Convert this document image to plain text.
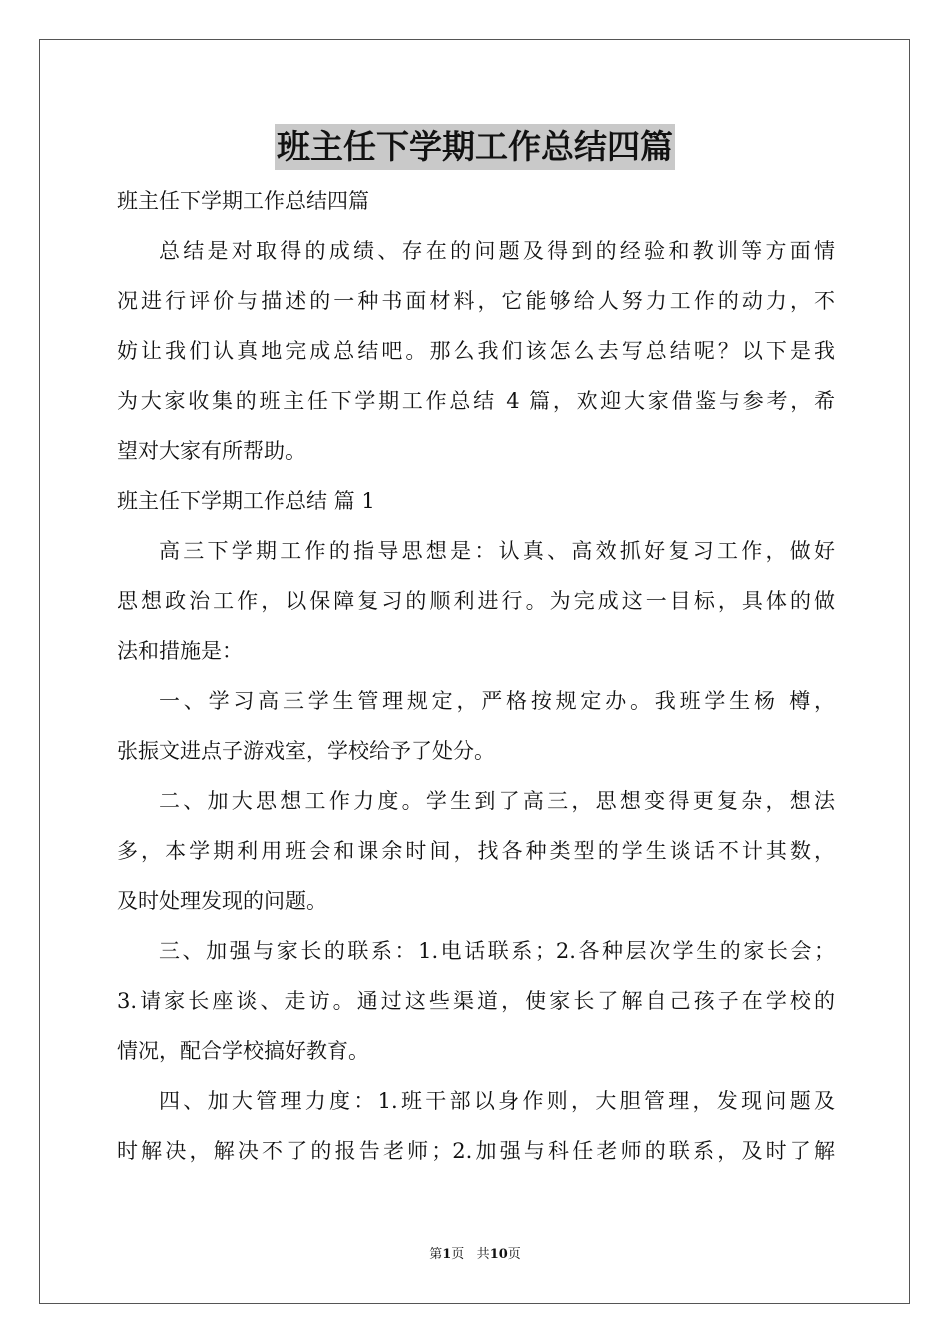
班主任下学期工作总结四篇
班主任下学期工作总结四篇
总结是对取得的成绩、存在的问题及得到的经验和教训等方面情
况进行评价与描述的一种书面材料，它能够给人努力工作的动力，不
妨让我们认真地完成总结吧。那么我们该怎么去写总结呢？以下是我
为大家收集的班主任下学期工作总结 4 篇，欢迎大家借鉴与参考，希
望对大家有所帮助。
班主任下学期工作总结 篇 1
高三下学期工作的指导思想是：认真、高效抓好复习工作，做好
思想政治工作，以保障复习的顺利进行。为完成这一目标，具体的做
法和措施是：
一、学习高三学生管理规定，严格按规定办。我班学生杨 樽，
张振文进点子游戏室，学校给予了处分。
二、加大思想工作力度。学生到了高三，思想变得更复杂，想法
多，本学期利用班会和课余时间，找各种类型的学生谈话不计其数，
及时处理发现的问题。
三、加强与家长的联系：1.电话联系；2.各种层次学生的家长会；
3.请家长座谈、走访。通过这些渠道，使家长了解自己孩子在学校的
情况，配合学校搞好教育。
四、加大管理力度：1.班干部以身作则，大胆管理，发现问题及
时解决，解决不了的报告老师；2.加强与科任老师的联系，及时了解
第1页 共10页
